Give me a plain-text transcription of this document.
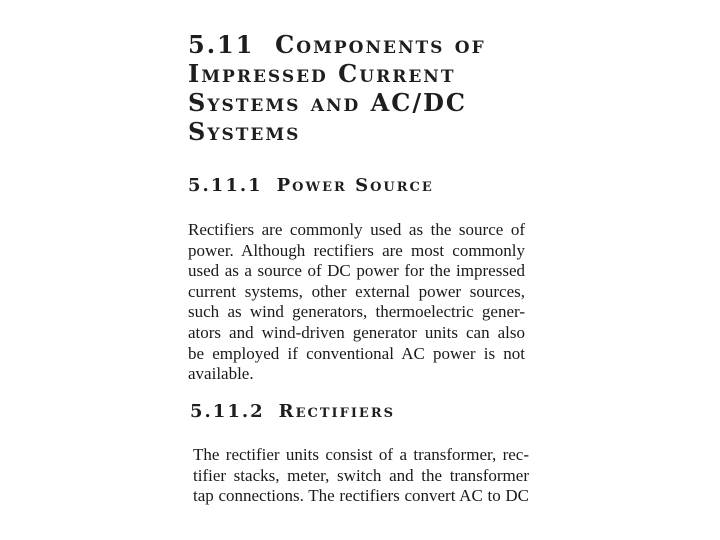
5.11 Components of
Impressed Current
Systems and AC/DC
Systems
5.11.1 Power Source

Rectifiers are commonly used as the source of
power. Although rectifiers are most commonly
used as a source of DC power for the impressed
current systems, other external power sources,
such as wind generators, thermoelectric gener-
ators and wind-driven generator units can also
be employed if conventional AC power is not
available.

5.11.2 Rectifiers

The rectifier units consist of a transformer, rec-
tifier stacks, meter, switch and the transformer
tap connections. The rectifiers convert AC to DC
